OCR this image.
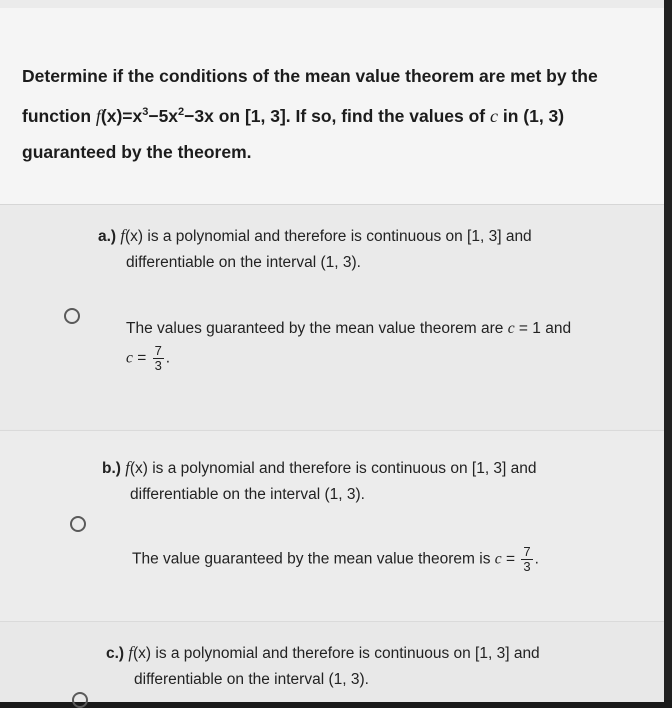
Determine if the conditions of the mean value theorem are met by the
function $f(x)=x^3-5x^2-3x$ on [1, 3]. If so, find the values of c in (1, 3)
guaranteed by the theorem.
a.) f(x) is a polynomial and therefore is continuous on [1, 3] and
differentiable on the interval (1, 3).
The values guaranteed by the mean value theorem are c = 1 and
$c = \frac{7}{3}$ .
b.) f(x) is a polynomial and therefore is continuous on [1, 3] and
differentiable on the interval (1, 3).
The value guaranteed by the mean value theorem is $c = \frac{7}{3}$ .
c.) f(x) is a polynomial and therefore is continuous on [1, 3] and
differentiable on the interval (1, 3).
